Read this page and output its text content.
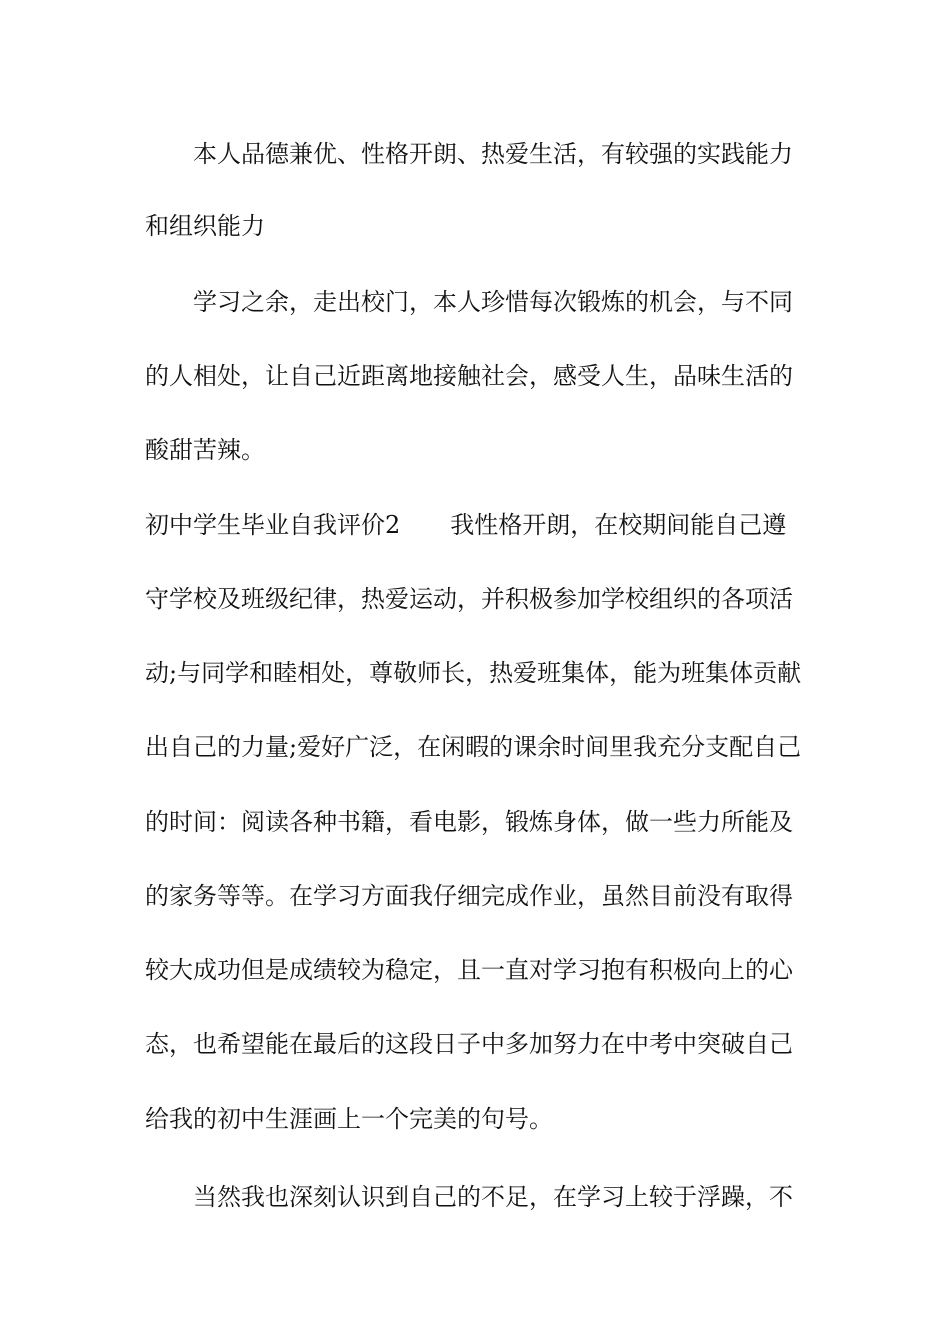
本人品德兼优、性格开朗、热爱生活，有较强的实践能力
和组织能力
学习之余，走出校门，本人珍惜每次锻炼的机会，与不同
的人相处，让自己近距离地接触社会，感受人生，品味生活的
酸甜苦辣。
初中学生毕业自我评价2 我性格开朗，在校期间能自己遵
守学校及班级纪律，热爱运动，并积极参加学校组织的各项活
动;与同学和睦相处，尊敬师长，热爱班集体，能为班集体贡献
出自己的力量;爱好广泛，在闲暇的课余时间里我充分支配自己
的时间：阅读各种书籍，看电影，锻炼身体，做一些力所能及
的家务等等。在学习方面我仔细完成作业，虽然目前没有取得
较大成功但是成绩较为稳定，且一直对学习抱有积极向上的心
态，也希望能在最后的这段日子中多加努力在中考中突破自己
给我的初中生涯画上一个完美的句号。
当然我也深刻认识到自己的不足，在学习上较于浮躁，不
